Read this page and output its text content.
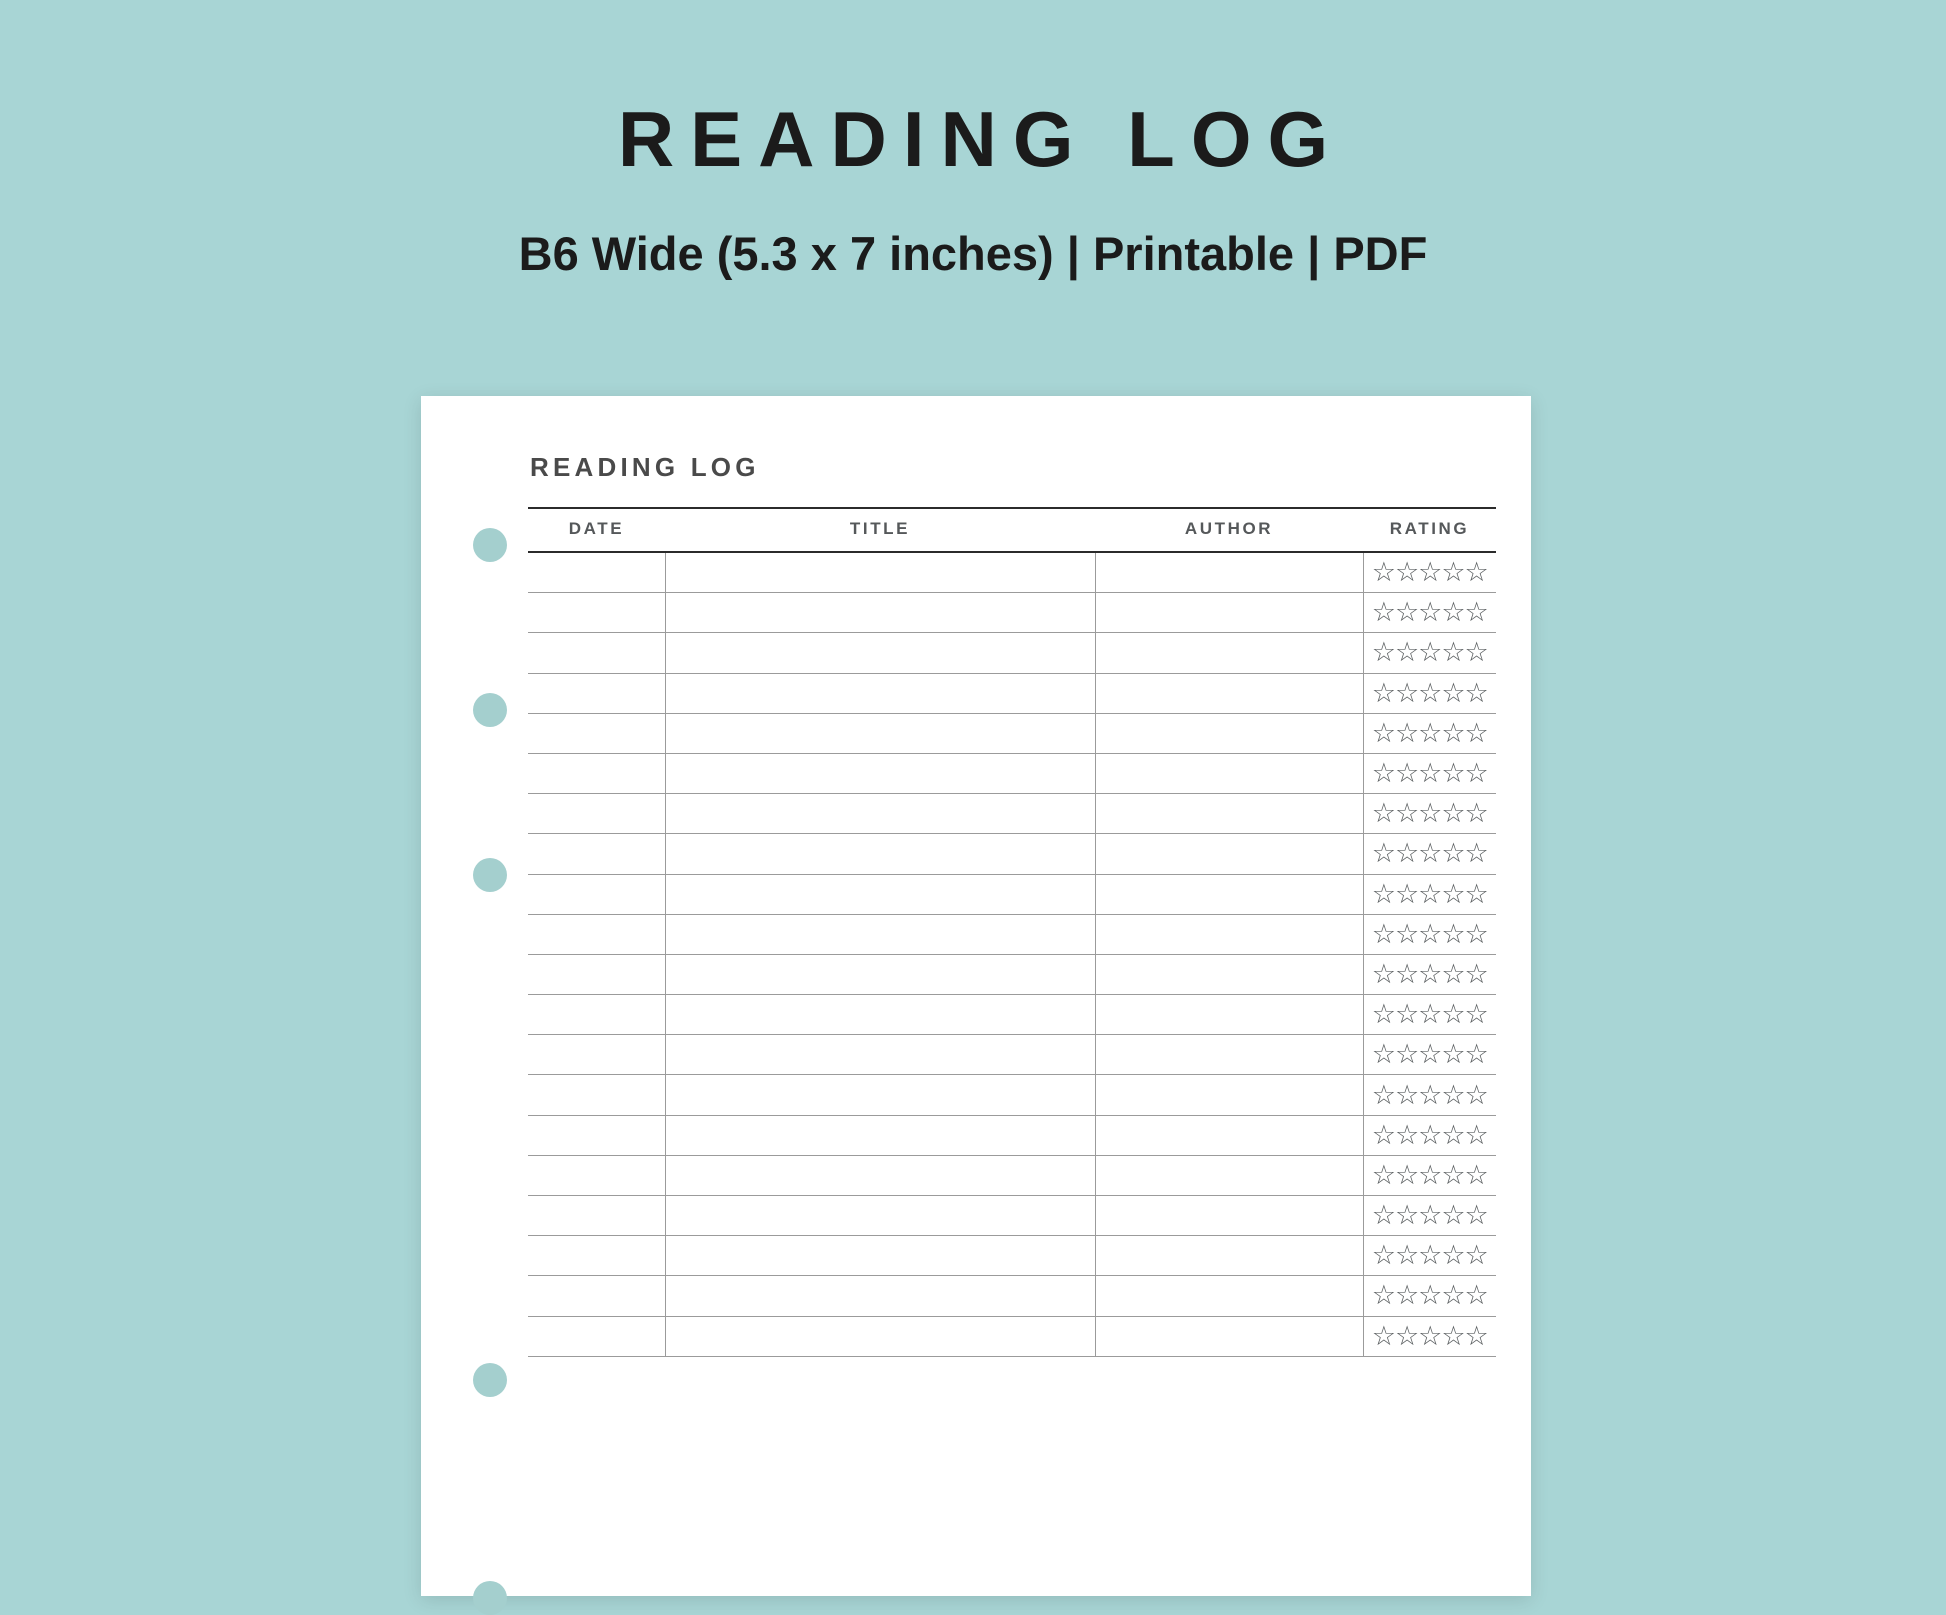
READING LOG
B6 Wide (5.3 x 7 inches) | Printable | PDF
READING LOG
DATE	TITLE	AUTHOR	RATING
			☆☆☆☆☆
			☆☆☆☆☆
			☆☆☆☆☆
			☆☆☆☆☆
			☆☆☆☆☆
			☆☆☆☆☆
			☆☆☆☆☆
			☆☆☆☆☆
			☆☆☆☆☆
			☆☆☆☆☆
			☆☆☆☆☆
			☆☆☆☆☆
			☆☆☆☆☆
			☆☆☆☆☆
			☆☆☆☆☆
			☆☆☆☆☆
			☆☆☆☆☆
			☆☆☆☆☆
			☆☆☆☆☆
			☆☆☆☆☆
